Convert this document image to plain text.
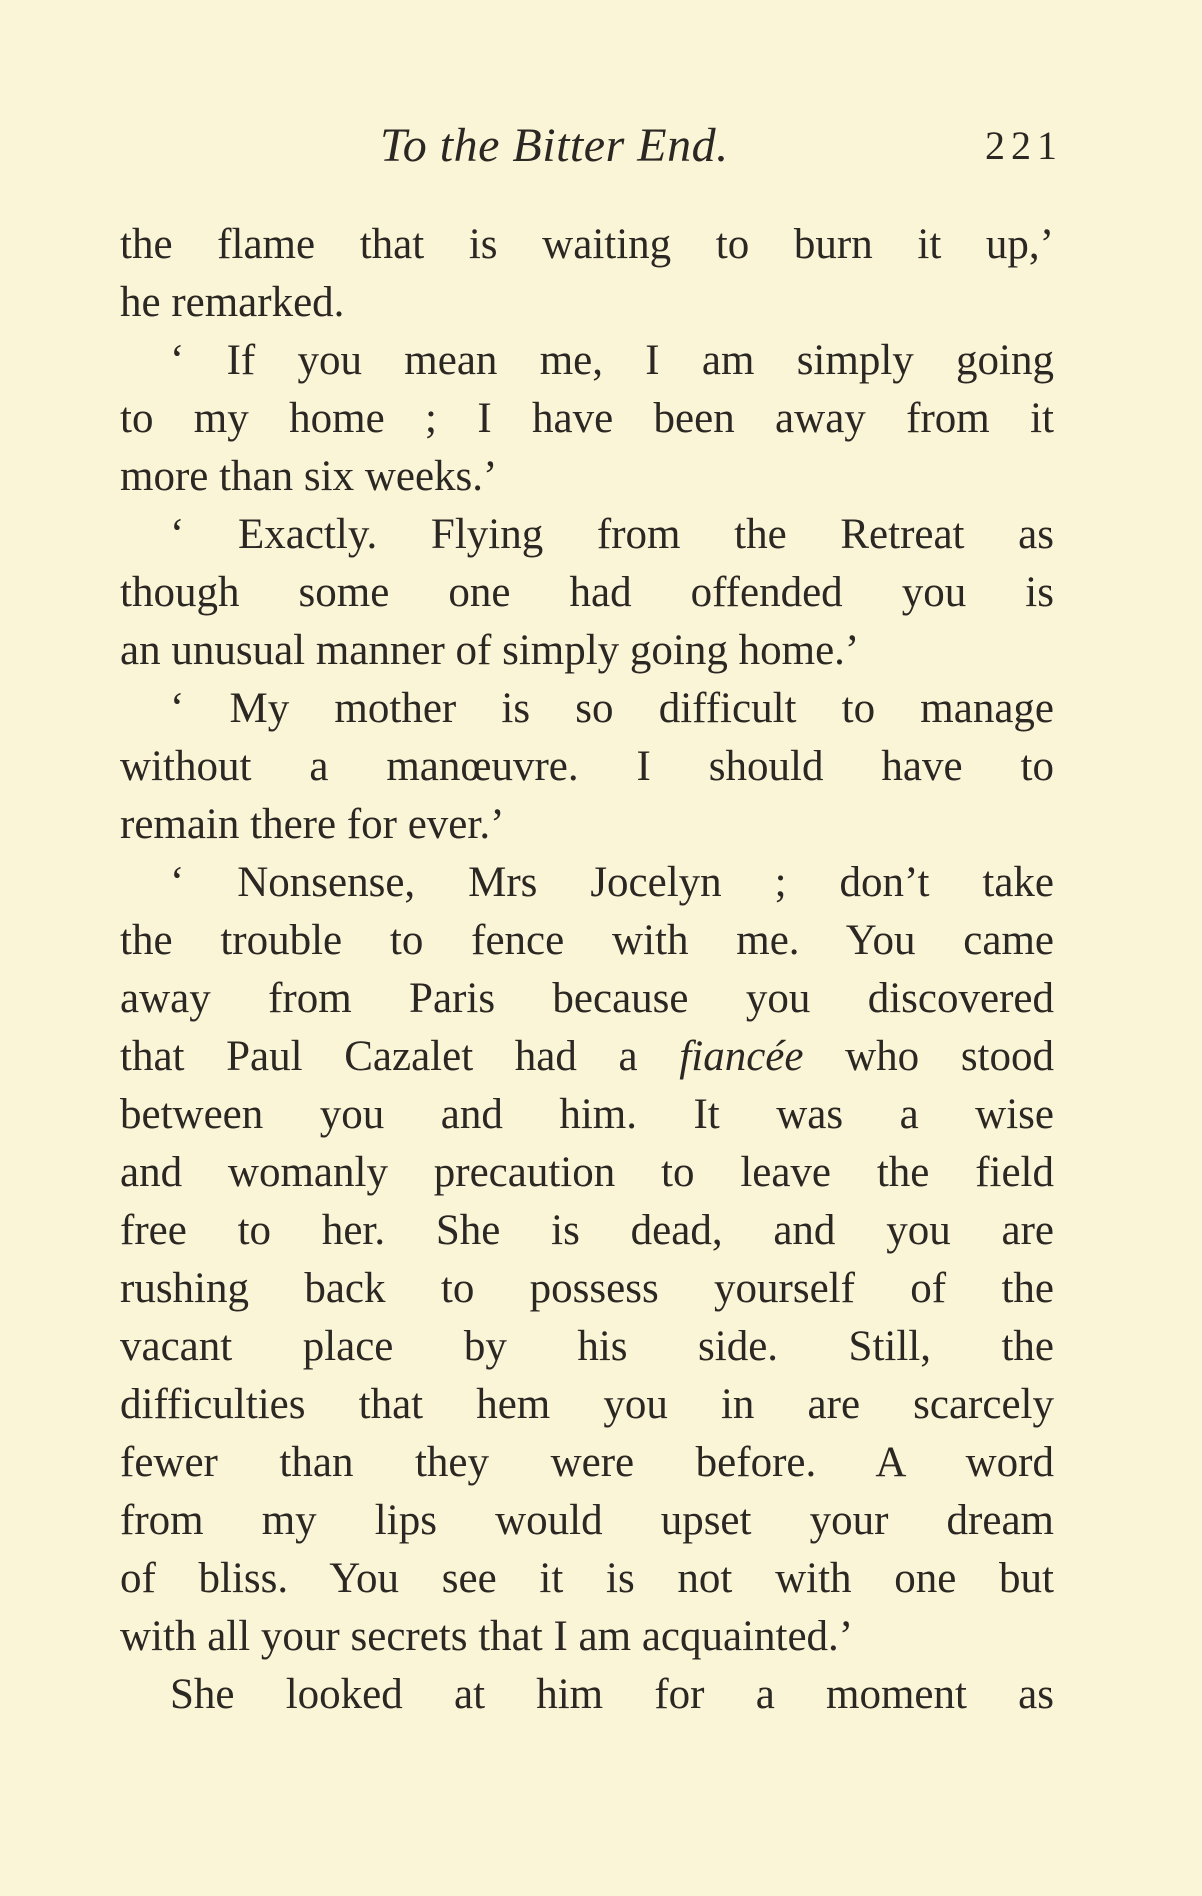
To the Bitter End.	221
the flame that is waiting to burn it up,’
he remarked.
‘ If you mean me, I am simply going
to my home ; I have been away from it
more than six weeks.’
‘ Exactly. Flying from the Retreat as
though some one had offended you is
an unusual manner of simply going home.’
‘ My mother is so difficult to manage
without a manœuvre. I should have to
remain there for ever.’
‘ Nonsense, Mrs Jocelyn ; don’t take
the trouble to fence with me. You came
away from Paris because you discovered
that Paul Cazalet had a fiancée who stood
between you and him. It was a wise
and womanly precaution to leave the field
free to her. She is dead, and you are
rushing back to possess yourself of the
vacant place by his side. Still, the
difficulties that hem you in are scarcely
fewer than they were before. A word
from my lips would upset your dream
of bliss. You see it is not with one but
with all your secrets that I am acquainted.’
She looked at him for a moment as
